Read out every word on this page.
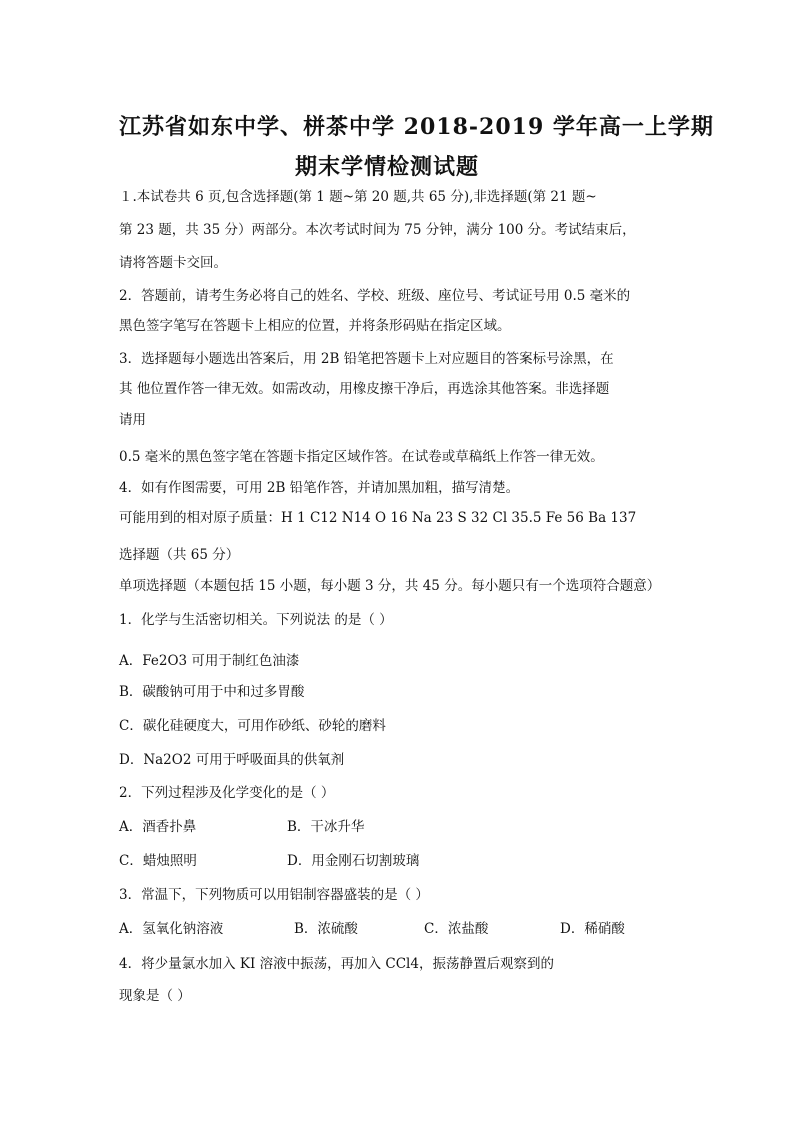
江苏省如东中学、栟茶中学 2018-2019 学年高一上学期
期末学情检测试题
１.本试卷共 6 页,包含选择题(第 1 题~第 20 题,共 65 分),非选择题(第 21 题~
第 23 题，共 35 分）两部分。本次考试时间为 75 分钟，满分 100 分。考试结束后，
请将答题卡交回。
2．答题前，请考生务必将自己的姓名、学校、班级、座位号、考试证号用 0.5 毫米的
黑色签字笔写在答题卡上相应的位置，并将条形码贴在指定区域。
3．选择题每小题选出答案后，用 2B 铅笔把答题卡上对应题目的答案标号涂黑，在
其 他位置作答一律无效。如需改动，用橡皮擦干净后，再选涂其他答案。非选择题
请用
0.5 毫米的黑色签字笔在答题卡指定区域作答。在试卷或草稿纸上作答一律无效。
4．如有作图需要，可用 2B 铅笔作答，并请加黑加粗，描写清楚。
可能用到的相对原子质量：H 1 C12 N14 O 16 Na 23 S 32 Cl 35.5 Fe 56 Ba 137
选择题（共 65 分）
单项选择题（本题包括 15 小题，每小题 3 分，共 45 分。每小题只有一个选项符合题意）
1．化学与生活密切相关。下列说法 的是（ ）
A．Fe2O3 可用于制红色油漆
B．碳酸钠可用于中和过多胃酸
C．碳化硅硬度大，可用作砂纸、砂轮的磨料
D．Na2O2 可用于呼吸面具的供氧剂
2．下列过程涉及化学变化的是（ ）
A．酒香扑鼻	B．干冰升华
C．蜡烛照明	D．用金刚石切割玻璃
3．常温下，下列物质可以用铝制容器盛装的是（ ）
A．氢氧化钠溶液	B．浓硫酸	C．浓盐酸	D．稀硝酸
4．将少量氯水加入 KI 溶液中振荡，再加入 CCl4，振荡静置后观察到的
现象是（ ）
